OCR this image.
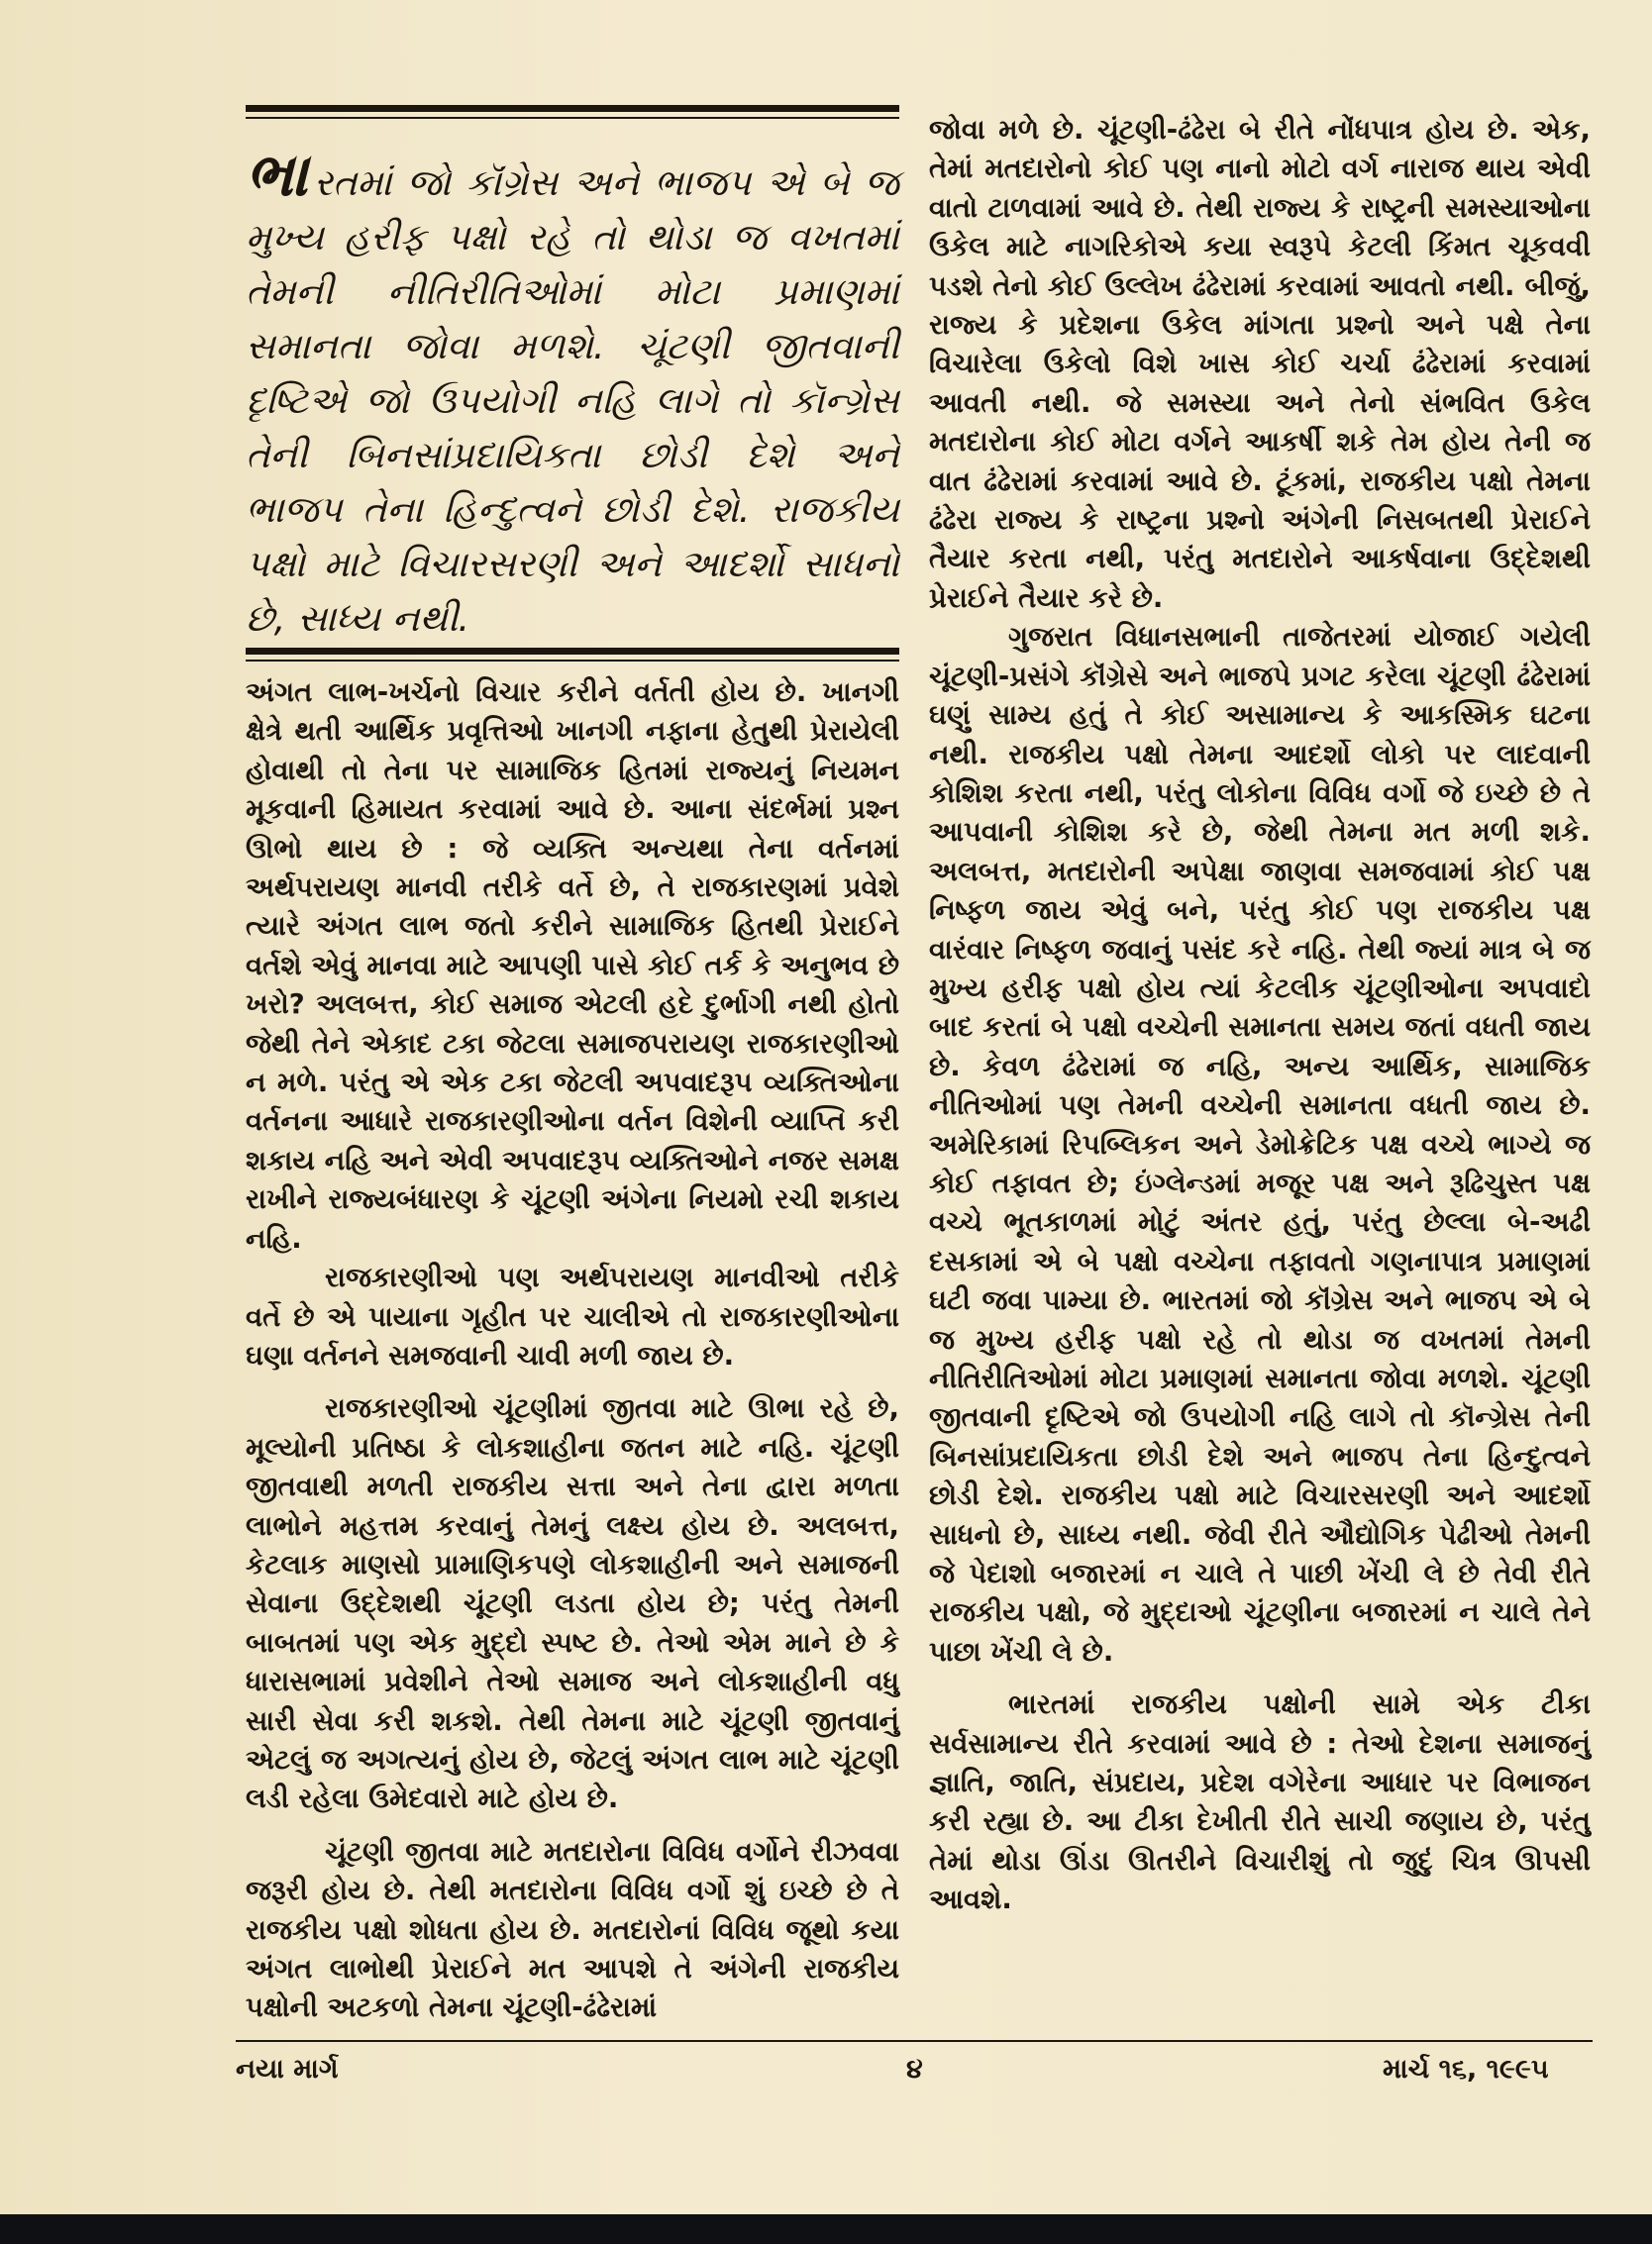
ભારતમાં જો કૉંગ્રેસ અને ભાજપ એ બે જ મુખ્ય હરીફ પક્ષો રહે તો થોડા જ વખતમાં તેમની નીતિરીતિઓમાં મોટા પ્રમાણમાં સમાનતા જોવા મળશે. ચૂંટણી જીતવાની દૃષ્ટિએ જો ઉપયોગી નહિ લાગે તો કૉન્ગ્રેસ તેની બિનસાંપ્રદાયિકતા છોડી દેશે અને ભાજપ તેના હિન્દુત્વને છોડી દેશે. રાજકીય પક્ષો માટે વિચારસરણી અને આદર્શો સાધનો છે, સાધ્ય નથી.

અંગત લાભ-ખર્ચનો વિચાર કરીને વર્તતી હોય છે. ખાનગી ક્ષેત્રે થતી આર્થિક પ્રવૃત્તિઓ ખાનગી નફાના હેતુથી પ્રેરાયેલી હોવાથી તો તેના પર સામાજિક હિતમાં રાજ્યનું નિયમન મૂકવાની હિમાયત કરવામાં આવે છે. આના સંદર્ભમાં પ્રશ્ન ઊભો થાય છે : જે વ્યક્તિ અન્યથા તેના વર્તનમાં અર્થપરાયણ માનવી તરીકે વર્તે છે, તે રાજકારણમાં પ્રવેશે ત્યારે અંગત લાભ જતો કરીને સામાજિક હિતથી પ્રેરાઈને વર્તશે એવું માનવા માટે આપણી પાસે કોઈ તર્ક કે અનુભવ છે ખરો? અલબત્ત, કોઈ સમાજ એટલી હદે દુર્ભાગી નથી હોતો જેથી તેને એકાદ ટકા જેટલા સમાજપરાયણ રાજકારણીઓ ન મળે. પરંતુ એ એક ટકા જેટલી અપવાદરૂપ વ્યક્તિઓના વર્તનના આધારે રાજકારણીઓના વર્તન વિશેની વ્યાપ્તિ કરી શકાય નહિ અને એવી અપવાદરૂપ વ્યક્તિઓને નજર સમક્ષ રાખીને રાજ્યબંધારણ કે ચૂંટણી અંગેના નિયમો રચી શકાય નહિ.

રાજકારણીઓ પણ અર્થપરાયણ માનવીઓ તરીકે વર્તે છે એ પાયાના ગૃહીત પર ચાલીએ તો રાજકારણીઓના ઘણા વર્તનને સમજવાની ચાવી મળી જાય છે.

રાજકારણીઓ ચૂંટણીમાં જીતવા માટે ઊભા રહે છે, મૂલ્યોની પ્રતિષ્ઠા કે લોકશાહીના જતન માટે નહિ. ચૂંટણી જીતવાથી મળતી રાજકીય સત્તા અને તેના દ્વારા મળતા લાભોને મહત્તમ કરવાનું તેમનું લક્ષ્ય હોય છે. અલબત્ત, કેટલાક માણસો પ્રામાણિકપણે લોકશાહીની અને સમાજની સેવાના ઉદ્દેશથી ચૂંટણી લડતા હોય છે; પરંતુ તેમની બાબતમાં પણ એક મુદ્દો સ્પષ્ટ છે. તેઓ એમ માને છે કે ધારાસભામાં પ્રવેશીને તેઓ સમાજ અને લોકશાહીની વધુ સારી સેવા કરી શકશે. તેથી તેમના માટે ચૂંટણી જીતવાનું એટલું જ અગત્યનું હોય છે, જેટલું અંગત લાભ માટે ચૂંટણી લડી રહેલા ઉમેદવારો માટે હોય છે.

ચૂંટણી જીતવા માટે મતદારોના વિવિધ વર્ગોને રીઝવવા જરૂરી હોય છે. તેથી મતદારોના વિવિધ વર્ગો શું ઇચ્છે છે તે રાજકીય પક્ષો શોધતા હોય છે. મતદારોનાં વિવિધ જૂથો કયા અંગત લાભોથી પ્રેરાઈને મત આપશે તે અંગેની રાજકીય પક્ષોની અટકળો તેમના ચૂંટણી-ઢંઢેરામાં

જોવા મળે છે. ચૂંટણી-ઢંઢેરા બે રીતે નોંધપાત્ર હોય છે. એક, તેમાં મતદારોનો કોઈ પણ નાનો મોટો વર્ગ નારાજ થાય એવી વાતો ટાળવામાં આવે છે. તેથી રાજ્ય કે રાષ્ટ્રની સમસ્યાઓના ઉકેલ માટે નાગરિકોએ કયા સ્વરૂપે કેટલી કિંમત ચૂકવવી પડશે તેનો કોઈ ઉલ્લેખ ઢંઢેરામાં કરવામાં આવતો નથી. બીજું, રાજ્ય કે પ્રદેશના ઉકેલ માંગતા પ્રશ્નો અને પક્ષે તેના વિચારેલા ઉકેલો વિશે ખાસ કોઈ ચર્ચા ઢંઢેરામાં કરવામાં આવતી નથી. જે સમસ્યા અને તેનો સંભવિત ઉકેલ મતદારોના કોઈ મોટા વર્ગને આકર્ષી શકે તેમ હોય તેની જ વાત ઢંઢેરામાં કરવામાં આવે છે. ટૂંકમાં, રાજકીય પક્ષો તેમના ઢંઢેરા રાજ્ય કે રાષ્ટ્રના પ્રશ્નો અંગેની નિસબતથી પ્રેરાઈને તૈયાર કરતા નથી, પરંતુ મતદારોને આકર્ષવાના ઉદ્દેશથી પ્રેરાઈને તૈયાર કરે છે.

ગુજરાત વિધાનસભાની તાજેતરમાં યોજાઈ ગયેલી ચૂંટણી-પ્રસંગે કૉંગ્રેસે અને ભાજપે પ્રગટ કરેલા ચૂંટણી ઢંઢેરામાં ઘણું સામ્ય હતું તે કોઈ અસામાન્ય કે આકસ્મિક ઘટના નથી. રાજકીય પક્ષો તેમના આદર્શો લોકો પર લાદવાની કોશિશ કરતા નથી, પરંતુ લોકોના વિવિધ વર્ગો જે ઇચ્છે છે તે આપવાની કોશિશ કરે છે, જેથી તેમના મત મળી શકે. અલબત્ત, મતદારોની અપેક્ષા જાણવા સમજવામાં કોઈ પક્ષ નિષ્ફળ જાય એવું બને, પરંતુ કોઈ પણ રાજકીય પક્ષ વારંવાર નિષ્ફળ જવાનું પસંદ કરે નહિ. તેથી જ્યાં માત્ર બે જ મુખ્ય હરીફ પક્ષો હોય ત્યાં કેટલીક ચૂંટણીઓના અપવાદો બાદ કરતાં બે પક્ષો વચ્ચેની સમાનતા સમય જતાં વધતી જાય છે. કેવળ ઢંઢેરામાં જ નહિ, અન્ય આર્થિક, સામાજિક નીતિઓમાં પણ તેમની વચ્ચેની સમાનતા વધતી જાય છે. અમેરિકામાં રિપબ્લિકન અને ડેમોક્રેટિક પક્ષ વચ્ચે ભાગ્યે જ કોઈ તફાવત છે; ઇંગ્લેન્ડમાં મજૂર પક્ષ અને રૂઢિચુસ્ત પક્ષ વચ્ચે ભૂતકાળમાં મોટું અંતર હતું, પરંતુ છેલ્લા બે-અઢી દસકામાં એ બે પક્ષો વચ્ચેના તફાવતો ગણનાપાત્ર પ્રમાણમાં ઘટી જવા પામ્યા છે. ભારતમાં જો કૉંગ્રેસ અને ભાજપ એ બે જ મુખ્ય હરીફ પક્ષો રહે તો થોડા જ વખતમાં તેમની નીતિરીતિઓમાં મોટા પ્રમાણમાં સમાનતા જોવા મળશે. ચૂંટણી જીતવાની દૃષ્ટિએ જો ઉપયોગી નહિ લાગે તો કૉન્ગ્રેસ તેની બિનસાંપ્રદાયિકતા છોડી દેશે અને ભાજપ તેના હિન્દુત્વને છોડી દેશે. રાજકીય પક્ષો માટે વિચારસરણી અને આદર્શો સાધનો છે, સાધ્ય નથી. જેવી રીતે ઔદ્યોગિક પેઢીઓ તેમની જે પેદાશો બજારમાં ન ચાલે તે પાછી ખેંચી લે છે તેવી રીતે રાજકીય પક્ષો, જે મુદ્દાઓ ચૂંટણીના બજારમાં ન ચાલે તેને પાછા ખેંચી લે છે.

ભારતમાં રાજકીય પક્ષોની સામે એક ટીકા સર્વસામાન્ય રીતે કરવામાં આવે છે : તેઓ દેશના સમાજનું જ્ઞાતિ, જાતિ, સંપ્રદાય, પ્રદેશ વગેરેના આધાર પર વિભાજન કરી રહ્યા છે. આ ટીકા દેખીતી રીતે સાચી જણાય છે, પરંતુ તેમાં થોડા ઊંડા ઊતરીને વિચારીશું તો જુદું ચિત્ર ઊપસી આવશે.

નયા માર્ગ	૪	માર્ચ ૧૬, ૧૯૯૫
